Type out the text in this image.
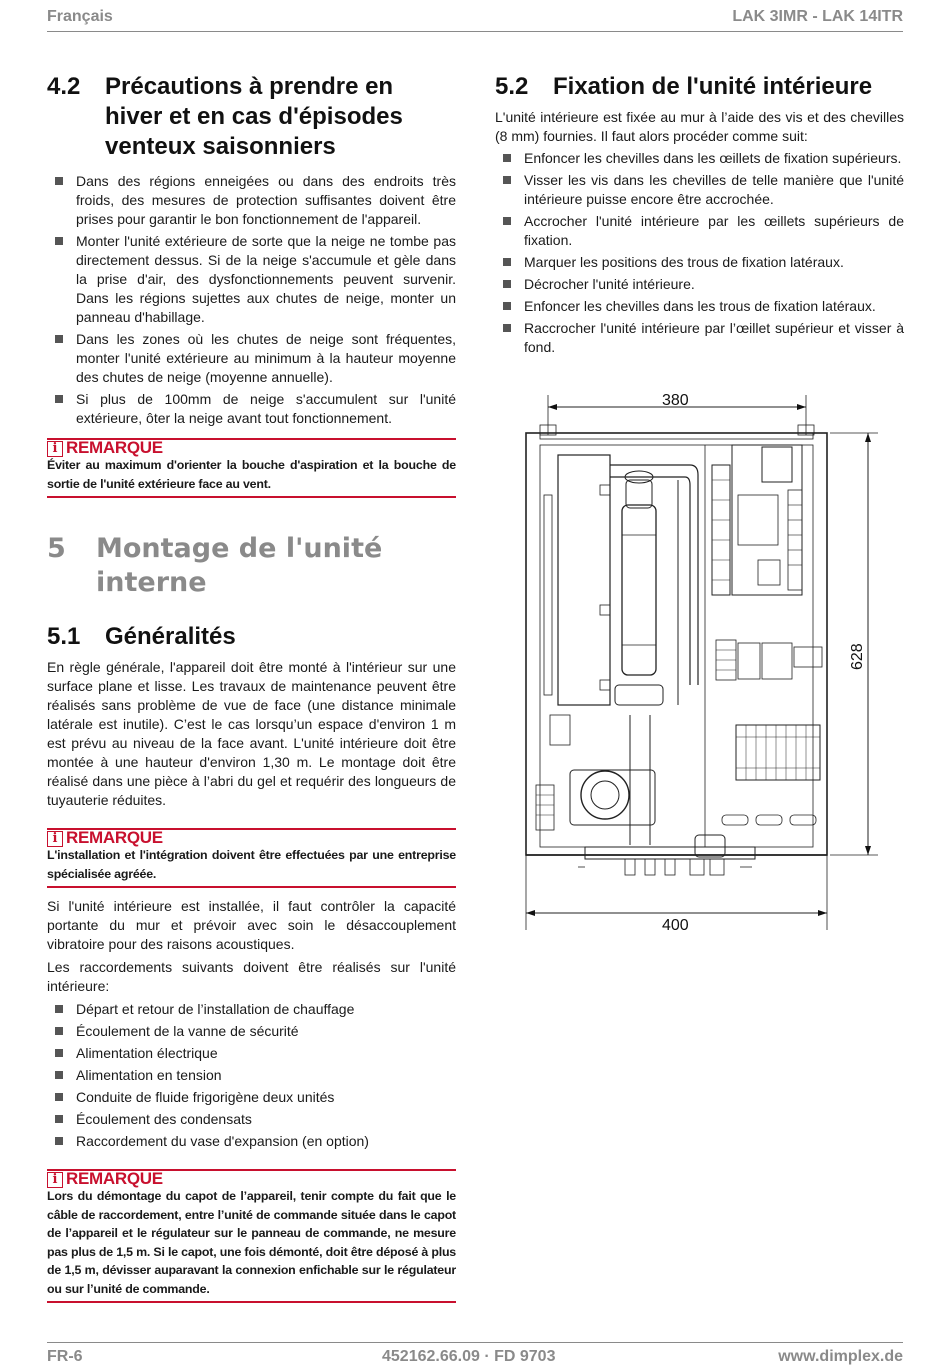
Français	LAK 3IMR - LAK 14ITR
4.2	Précautions à prendre en hiver et en cas d'épisodes venteux saisonniers
Dans des régions enneigées ou dans des endroits très froids, des mesures de protection suffisantes doivent être prises pour garantir le bon fonctionnement de l'appareil.
Monter l'unité extérieure de sorte que la neige ne tombe pas directement dessus. Si de la neige s'accumule et gèle dans la prise d'air, des dysfonctionnements peuvent survenir. Dans les régions sujettes aux chutes de neige, monter un panneau d'habillage.
Dans les zones où les chutes de neige sont fréquentes, monter l'unité extérieure au minimum à la hauteur moyenne des chutes de neige (moyenne annuelle).
Si plus de 100mm de neige s'accumulent sur l'unité extérieure, ôter la neige avant tout fonctionnement.
i REMARQUE
Éviter au maximum d'orienter la bouche d'aspiration et la bouche de sortie de l'unité extérieure face au vent.
5	Montage de l'unité interne
5.1	Généralités

En règle générale, l'appareil doit être monté à l'intérieur sur une surface plane et lisse. Les travaux de maintenance peuvent être réalisés sans problème de vue de face (une distance minimale latérale est inutile). C’est le cas lorsqu’un espace d'environ 1 m est prévu au niveau de la face avant. L'unité intérieure doit être montée à une hauteur d'environ 1,30 m. Le montage doit être réalisé dans une pièce à l’abri du gel et requérir des longueurs de tuyauterie réduites.

i REMARQUE
L'installation et l'intégration doivent être effectuées par une entreprise spécialisée agréée.

Si l'unité intérieure est installée, il faut contrôler la capacité portante du mur et prévoir avec soin le désaccouplement vibratoire pour des raisons acoustiques.

Les raccordements suivants doivent être réalisés sur l'unité intérieure:

Départ et retour de l’installation de chauffage
Écoulement de la vanne de sécurité
Alimentation électrique
Alimentation en tension
Conduite de fluide frigorigène deux unités
Écoulement des condensats
Raccordement du vase d'expansion (en option)
i REMARQUE
Lors du démontage du capot de l’appareil, tenir compte du fait que le câble de raccordement, entre l’unité de commande située dans le capot de l’appareil et le régulateur sur le panneau de commande, ne mesure pas plus de 1,5 m. Si le capot, une fois démonté, doit être déposé à plus de 1,5 m, dévisser auparavant la connexion enfichable sur le régulateur ou sur l’unité de commande.
5.2	Fixation de l'unité intérieure

L'unité intérieure est fixée au mur à l’aide des vis et des chevilles (8 mm) fournies. Il faut alors procéder comme suit:

Enfoncer les chevilles dans les œillets de fixation supérieurs.
Visser les vis dans les chevilles de telle manière que l'unité intérieure puisse encore être accrochée.
Accrocher l'unité intérieure par les œillets supérieurs de fixation.
Marquer les positions des trous de fixation latéraux.
Décrocher l'unité intérieure.
Enfoncer les chevilles dans les trous de fixation latéraux.
Raccrocher l'unité intérieure par l’œillet supérieur et visser à fond.
380
628
400
FR-6	452162.66.09 · FD 9703	www.dimplex.de
